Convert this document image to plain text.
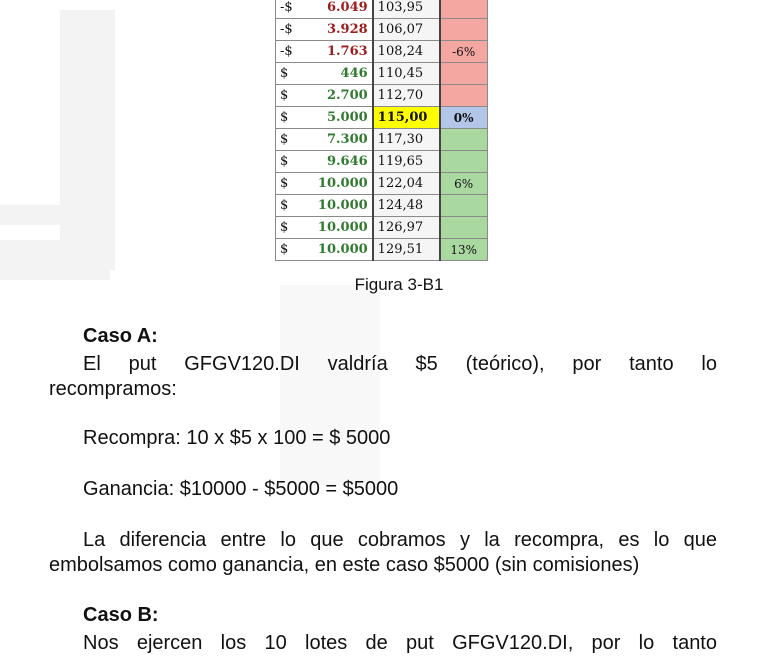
-$	6.049	103,95	
-$	3.928	106,07	
-$	1.763	108,24	-6%
$	446	110,45	
$	2.700	112,70	
$	5.000	115,00	0%
$	7.300	117,30	
$	9.646	119,65	
$	10.000	122,04	6%
$	10.000	124,48	
$	10.000	126,97	
$	10.000	129,51	13%
Figura 3-B1
Caso A:
El put GFGV120.DI valdría $5 (teórico), por tanto lo
recompramos:
Recompra: 10 x $5 x 100 = $ 5000
Ganancia: $10000 - $5000 = $5000
La diferencia entre lo que cobramos y la recompra, es lo que
embolsamos como ganancia, en este caso $5000 (sin comisiones)
Caso B:
Nos ejercen los 10 lotes de put GFGV120.DI, por lo tanto
